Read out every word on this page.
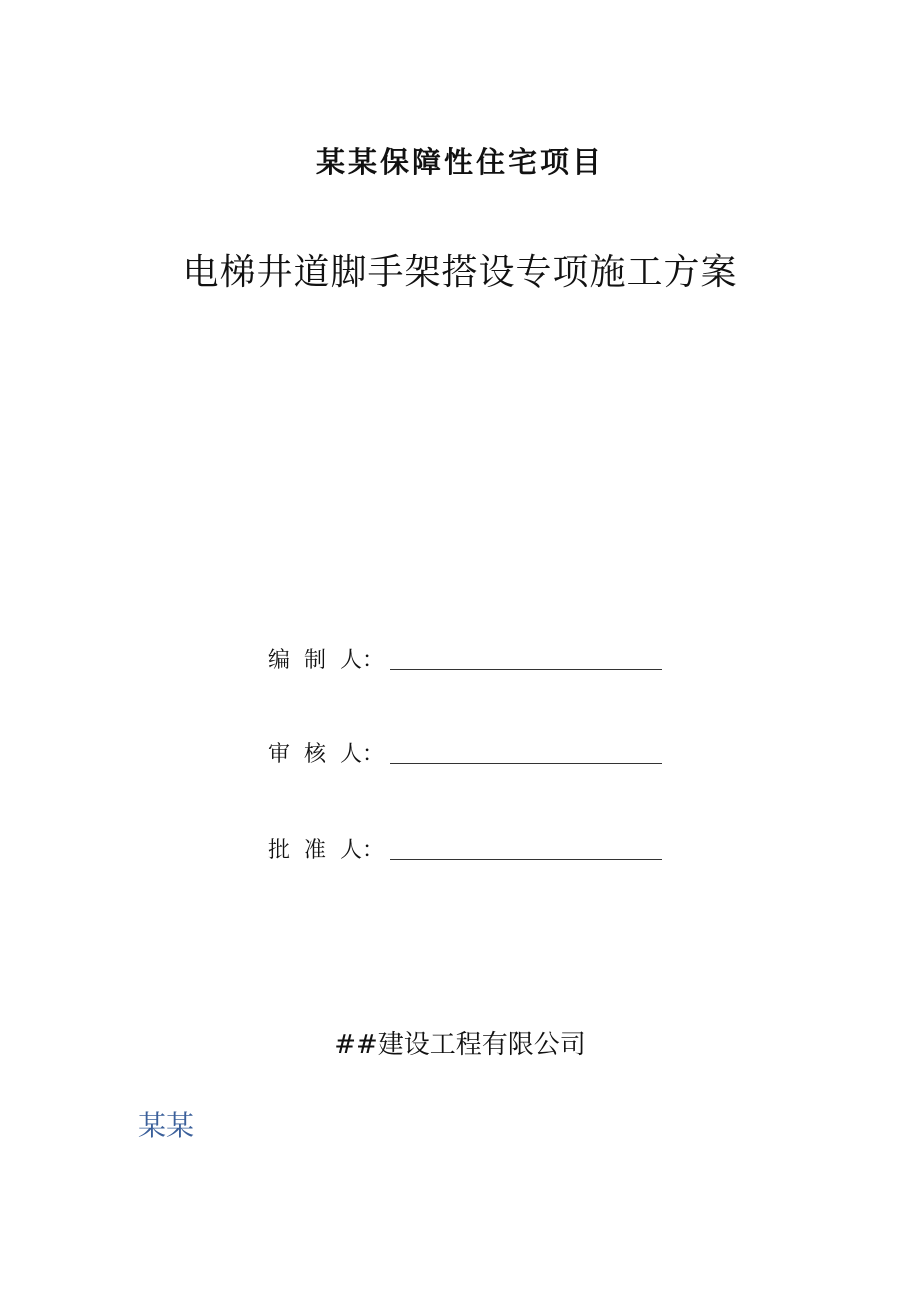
某某保障性住宅项目
电梯井道脚手架搭设专项施工方案
编  制  人：
审  核  人：
批  准  人：
##建设工程有限公司
某某
